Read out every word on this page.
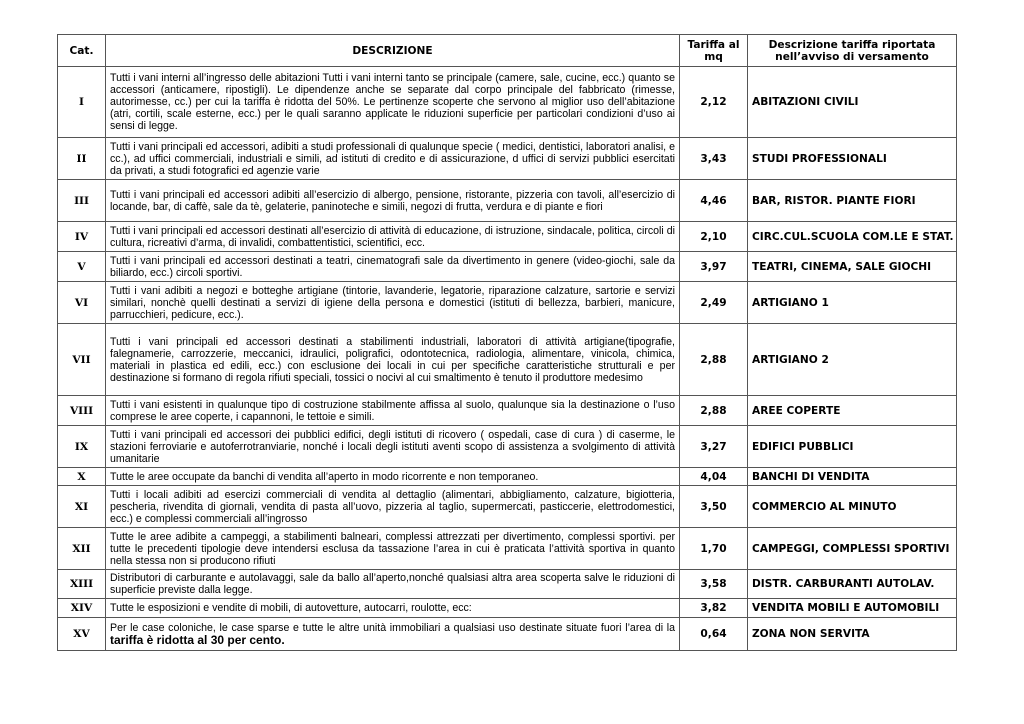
Cat.	DESCRIZIONE	Tariffa al mq	Descrizione tariffa riportata nell’avviso di versamento
I	Tutti i vani interni all’ingresso delle abitazioni Tutti i vani interni tanto se principale (camere, sale, cucine, ecc.) quanto se accessori (anticamere, ripostigli). Le dipendenze anche se separate dal corpo principale del fabbricato (rimesse, autorimesse, cc.) per cui la tariffa è ridotta del 50%. Le pertinenze scoperte che servono al miglior uso dell’abitazione (atri, cortili, scale esterne, ecc.) per le quali saranno applicate le riduzioni superficie per particolari condizioni d’uso ai sensi di legge.	2,12	ABITAZIONI CIVILI
II	Tutti i vani principali ed accessori, adibiti a studi professionali di qualunque specie ( medici, dentistici, laboratori analisi, e cc.), ad uffici commerciali, industriali e simili, ad istituti di credito e di assicurazione, d uffici di servizi pubblici esercitati da privati, a studi fotografici ed agenzie varie	3,43	STUDI PROFESSIONALI
III	Tutti i vani principali ed accessori adibiti all’esercizio di albergo, pensione, ristorante, pizzeria con tavoli, all’esercizio di locande, bar, di caffè, sale da tè, gelaterie, paninoteche e simili, negozi di frutta, verdura e di piante e fiori	4,46	BAR, RISTOR. PIANTE FIORI
IV	Tutti i vani principali ed accessori destinati all’esercizio di attività di educazione, di istruzione, sindacale, politica, circoli di cultura, ricreativi d’arma, di invalidi, combattentistici, scientifici, ecc.	2,10	CIRC.CUL.SCUOLA COM.LE E STAT.
V	Tutti i vani principali ed accessori destinati a teatri, cinematografi sale da divertimento in genere (video-giochi, sale da biliardo, ecc.) circoli sportivi.	3,97	TEATRI, CINEMA, SALE GIOCHI
VI	Tutti i vani adibiti a negozi e botteghe artigiane (tintorie, lavanderie, legatorie, riparazione calzature, sartorie e servizi similari, nonchè quelli destinati a servizi di igiene della persona e domestici (istituti di bellezza, barbieri, manicure, parrucchieri, pedicure, ecc.).	2,49	ARTIGIANO 1
VII	Tutti i vani principali ed accessori destinati a stabilimenti industriali, laboratori di attività artigiane(tipografie, falegnamerie, carrozzerie, meccanici, idraulici, poligrafici, odontotecnica, radiologia, alimentare, vinicola, chimica, materiali in plastica ed edili, ecc.) con esclusione dei locali in cui per specifiche caratteristiche strutturali e per destinazione si formano di regola rifiuti speciali, tossici o nocivi al cui smaltimento è tenuto il produttore medesimo	2,88	ARTIGIANO 2
VIII	Tutti i vani esistenti in qualunque tipo di costruzione stabilmente affissa al suolo, qualunque sia la destinazione o l’uso comprese le aree coperte, i capannoni, le tettoie e simili.	2,88	AREE COPERTE
IX	Tutti i vani principali ed accessori dei pubblici edifici, degli istituti di ricovero ( ospedali, case di cura ) di caserme, le stazioni ferroviarie e autoferrotranviarie, nonché i locali degli istituti aventi scopo di assistenza a svolgimento di attività umanitarie	3,27	EDIFICI PUBBLICI
X	Tutte le aree occupate da banchi di vendita all’aperto in modo ricorrente e non temporaneo.	4,04	BANCHI DI VENDITA
XI	Tutti i locali adibiti ad esercizi commerciali di vendita al dettaglio (alimentari, abbigliamento, calzature, bigiotteria, pescheria, rivendita di giornali, vendita di pasta all’uovo, pizzeria al taglio, supermercati, pasticcerie, elettrodomestici, ecc.) e complessi commerciali all’ingrosso	3,50	COMMERCIO AL MINUTO
XII	Tutte le aree adibite a campeggi, a stabilimenti balneari, complessi attrezzati per divertimento, complessi sportivi. per tutte le precedenti tipologie deve intendersi esclusa da tassazione l’area in cui è praticata l’attività sportiva in quanto nella stessa non si producono rifiuti	1,70	CAMPEGGI, COMPLESSI SPORTIVI
XIII	Distributori di carburante e autolavaggi, sale da ballo all’aperto,nonché qualsiasi altra area scoperta salve le riduzioni di superficie previste dalla legge.	3,58	DISTR. CARBURANTI AUTOLAV.
XIV	Tutte le esposizioni e vendite di mobili, di autovetture, autocarri, roulotte, ecc:	3,82	VENDITA MOBILI E AUTOMOBILI
XV	Per le case coloniche, le case sparse e tutte le altre unità immobiliari a qualsiasi uso destinate situate fuori l’area di la tariffa è ridotta al 30 per cento.	0,64	ZONA NON SERVITA
